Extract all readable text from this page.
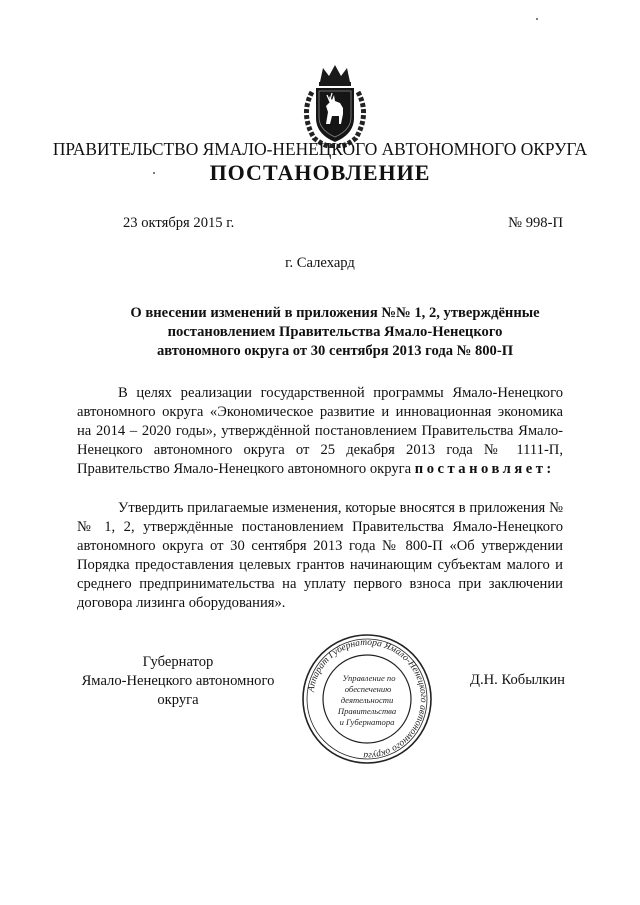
ПРАВИТЕЛЬСТВО ЯМАЛО-НЕНЕЦКОГО АВТОНОМНОГО ОКРУГА
ПОСТАНОВЛЕНИЕ
23 октября 2015 г.	№ 998-П
г. Салехард
О внесении изменений в приложения №№ 1, 2, утверждённые
постановлением Правительства Ямало-Ненецкого
автономного округа от 30 сентября 2013 года № 800-П
В целях реализации государственной программы Ямало-Ненецкого автономного округа «Экономическое развитие и инновационная экономика на 2014 – 2020 годы», утверждённой постановлением Правительства Ямало-Ненецкого автономного округа от 25 декабря 2013 года № 1111-П, Правительство Ямало-Ненецкого автономного округа постановляет:
Утвердить прилагаемые изменения, которые вносятся в приложения №№ 1, 2, утверждённые постановлением Правительства Ямало-Ненецкого автономного округа от 30 сентября 2013 года № 800-П «Об утверждении Порядка предоставления целевых грантов начинающим субъектам малого и среднего предпринимательства на уплату первого взноса при заключении договора лизинга оборудования».
Губернатор
Ямало-Ненецкого автономного округа
Д.Н. Кобылкин
Аппарат Губернатора Ямало-Ненецкого автономного округа
Управление по
обеспечению
деятельности
Правительства
и Губернатора
